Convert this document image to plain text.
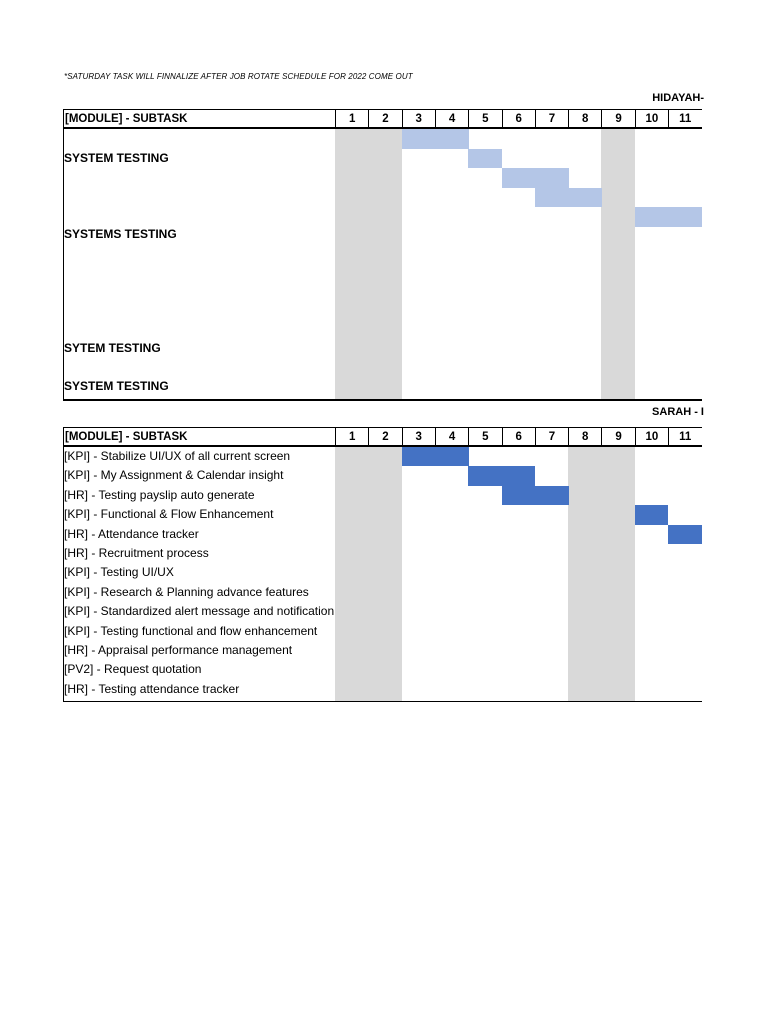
*SATURDAY TASK WILL FINNALIZE AFTER JOB ROTATE SCHEDULE FOR 2022 COME OUT
HIDAYAH-
[MODULE] - SUBTASK	1	2	3	4	5	6	7	8	9	10	11
SYSTEM TESTING
SYSTEMS TESTING
SYTEM TESTING
SYSTEM TESTING
SARAH - I
[MODULE] - SUBTASK	1	2	3	4	5	6	7	8	9	10	11
[KPI] - Stabilize UI/UX of all current screen
[KPI] - My Assignment & Calendar insight
[HR] - Testing payslip auto generate
[KPI] - Functional & Flow Enhancement
[HR] - Attendance tracker
[HR] - Recruitment process
[KPI] - Testing UI/UX
[KPI] - Research & Planning advance features
[KPI] - Standardized alert message and notification
[KPI] - Testing functional and flow enhancement
[HR] - Appraisal performance management
[PV2] - Request quotation
[HR] - Testing attendance tracker
